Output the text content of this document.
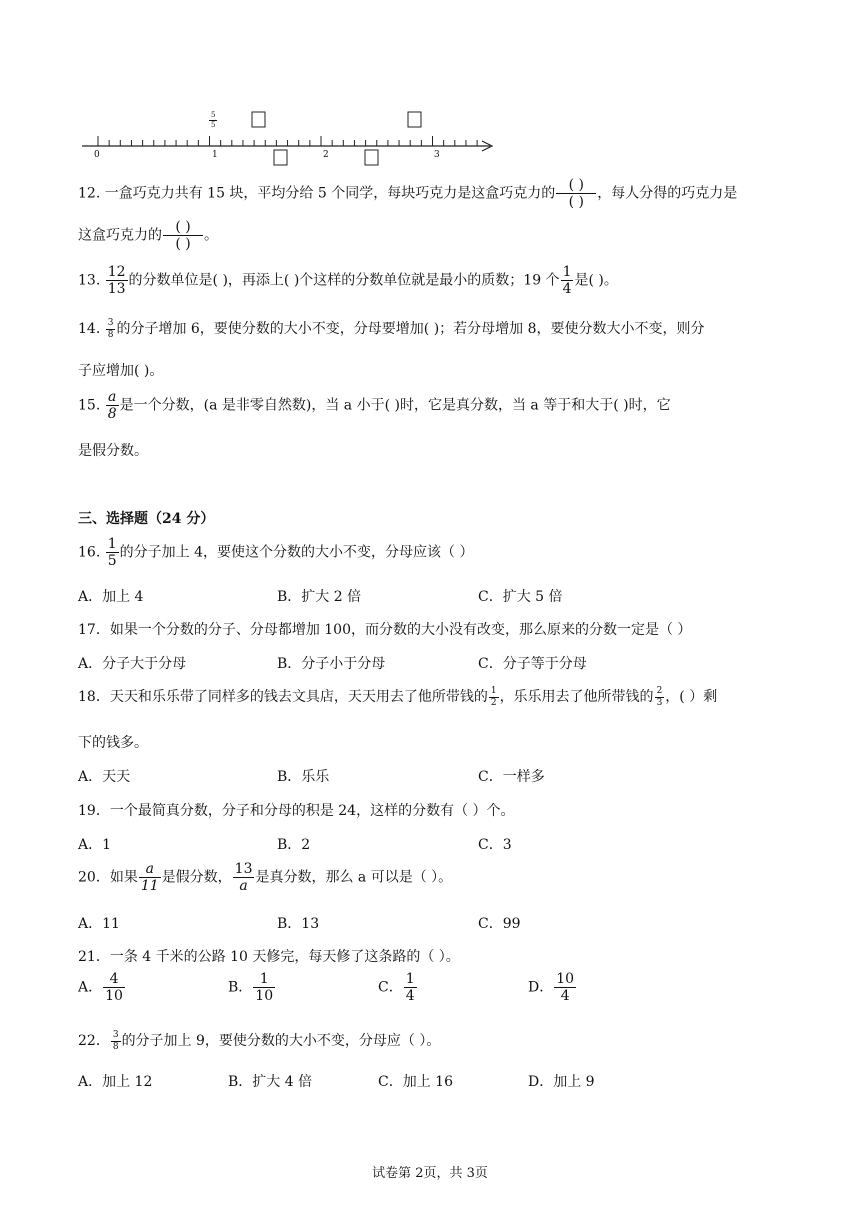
0	1	2	3
$\frac{5}{5}$
12. 一盒巧克力共有 15 块，平均分给 5 个同学，每块巧克力是这盒巧克力的 $\frac{( )}{( )}$ ，每人分得的巧克力是
这盒巧克力的 $\frac{( )}{( )}$ 。
13. $\frac{12}{13}$ 的分数单位是( )，再添上( )个这样的分数单位就是最小的质数；19 个 $\frac{1}{4}$ 是( )。
14. $\frac{3}{8}$ 的分子增加 6，要使分数的大小不变，分母要增加( )；若分母增加 8，要使分数大小不变，则分
子应增加( )。
15. $\frac{a}{8}$ 是一个分数，(a 是非零自然数)，当 a 小于( )时，它是真分数，当 a 等于和大于( )时，它
是假分数。
三、选择题（24 分）
16. $\frac{1}{5}$ 的分子加上 4，要使这个分数的大小不变，分母应该（ ）
A．加上 4	B．扩大 2 倍	C．扩大 5 倍
17．如果一个分数的分子、分母都增加 100，而分数的大小没有改变，那么原来的分数一定是（ ）
A．分子大于分母	B．分子小于分母	C．分子等于分母
18．天天和乐乐带了同样多的钱去文具店，天天用去了他所带钱的 $\frac{1}{2}$ ，乐乐用去了他所带钱的 $\frac{2}{3}$ ，( ）剩
下的钱多。
A．天天	B．乐乐	C．一样多
19．一个最简真分数，分子和分母的积是 24，这样的分数有（ ）个。
A．1	B．2	C．3
20．如果 $\frac{a}{11}$ 是假分数， $\frac{13}{a}$ 是真分数，那么 a 可以是（ ）。
A．11	B．13	C．99
21．一条 4 千米的公路 10 天修完，每天修了这条路的（ ）。
A． $\frac{4}{10}$	B． $\frac{1}{10}$	C． $\frac{1}{4}$	D． $\frac{10}{4}$
22． $\frac{3}{8}$ 的分子加上 9，要使分数的大小不变，分母应（ ）。
A．加上 12	B．扩大 4 倍	C．加上 16	D．加上 9
试卷第 2页，共 3页
